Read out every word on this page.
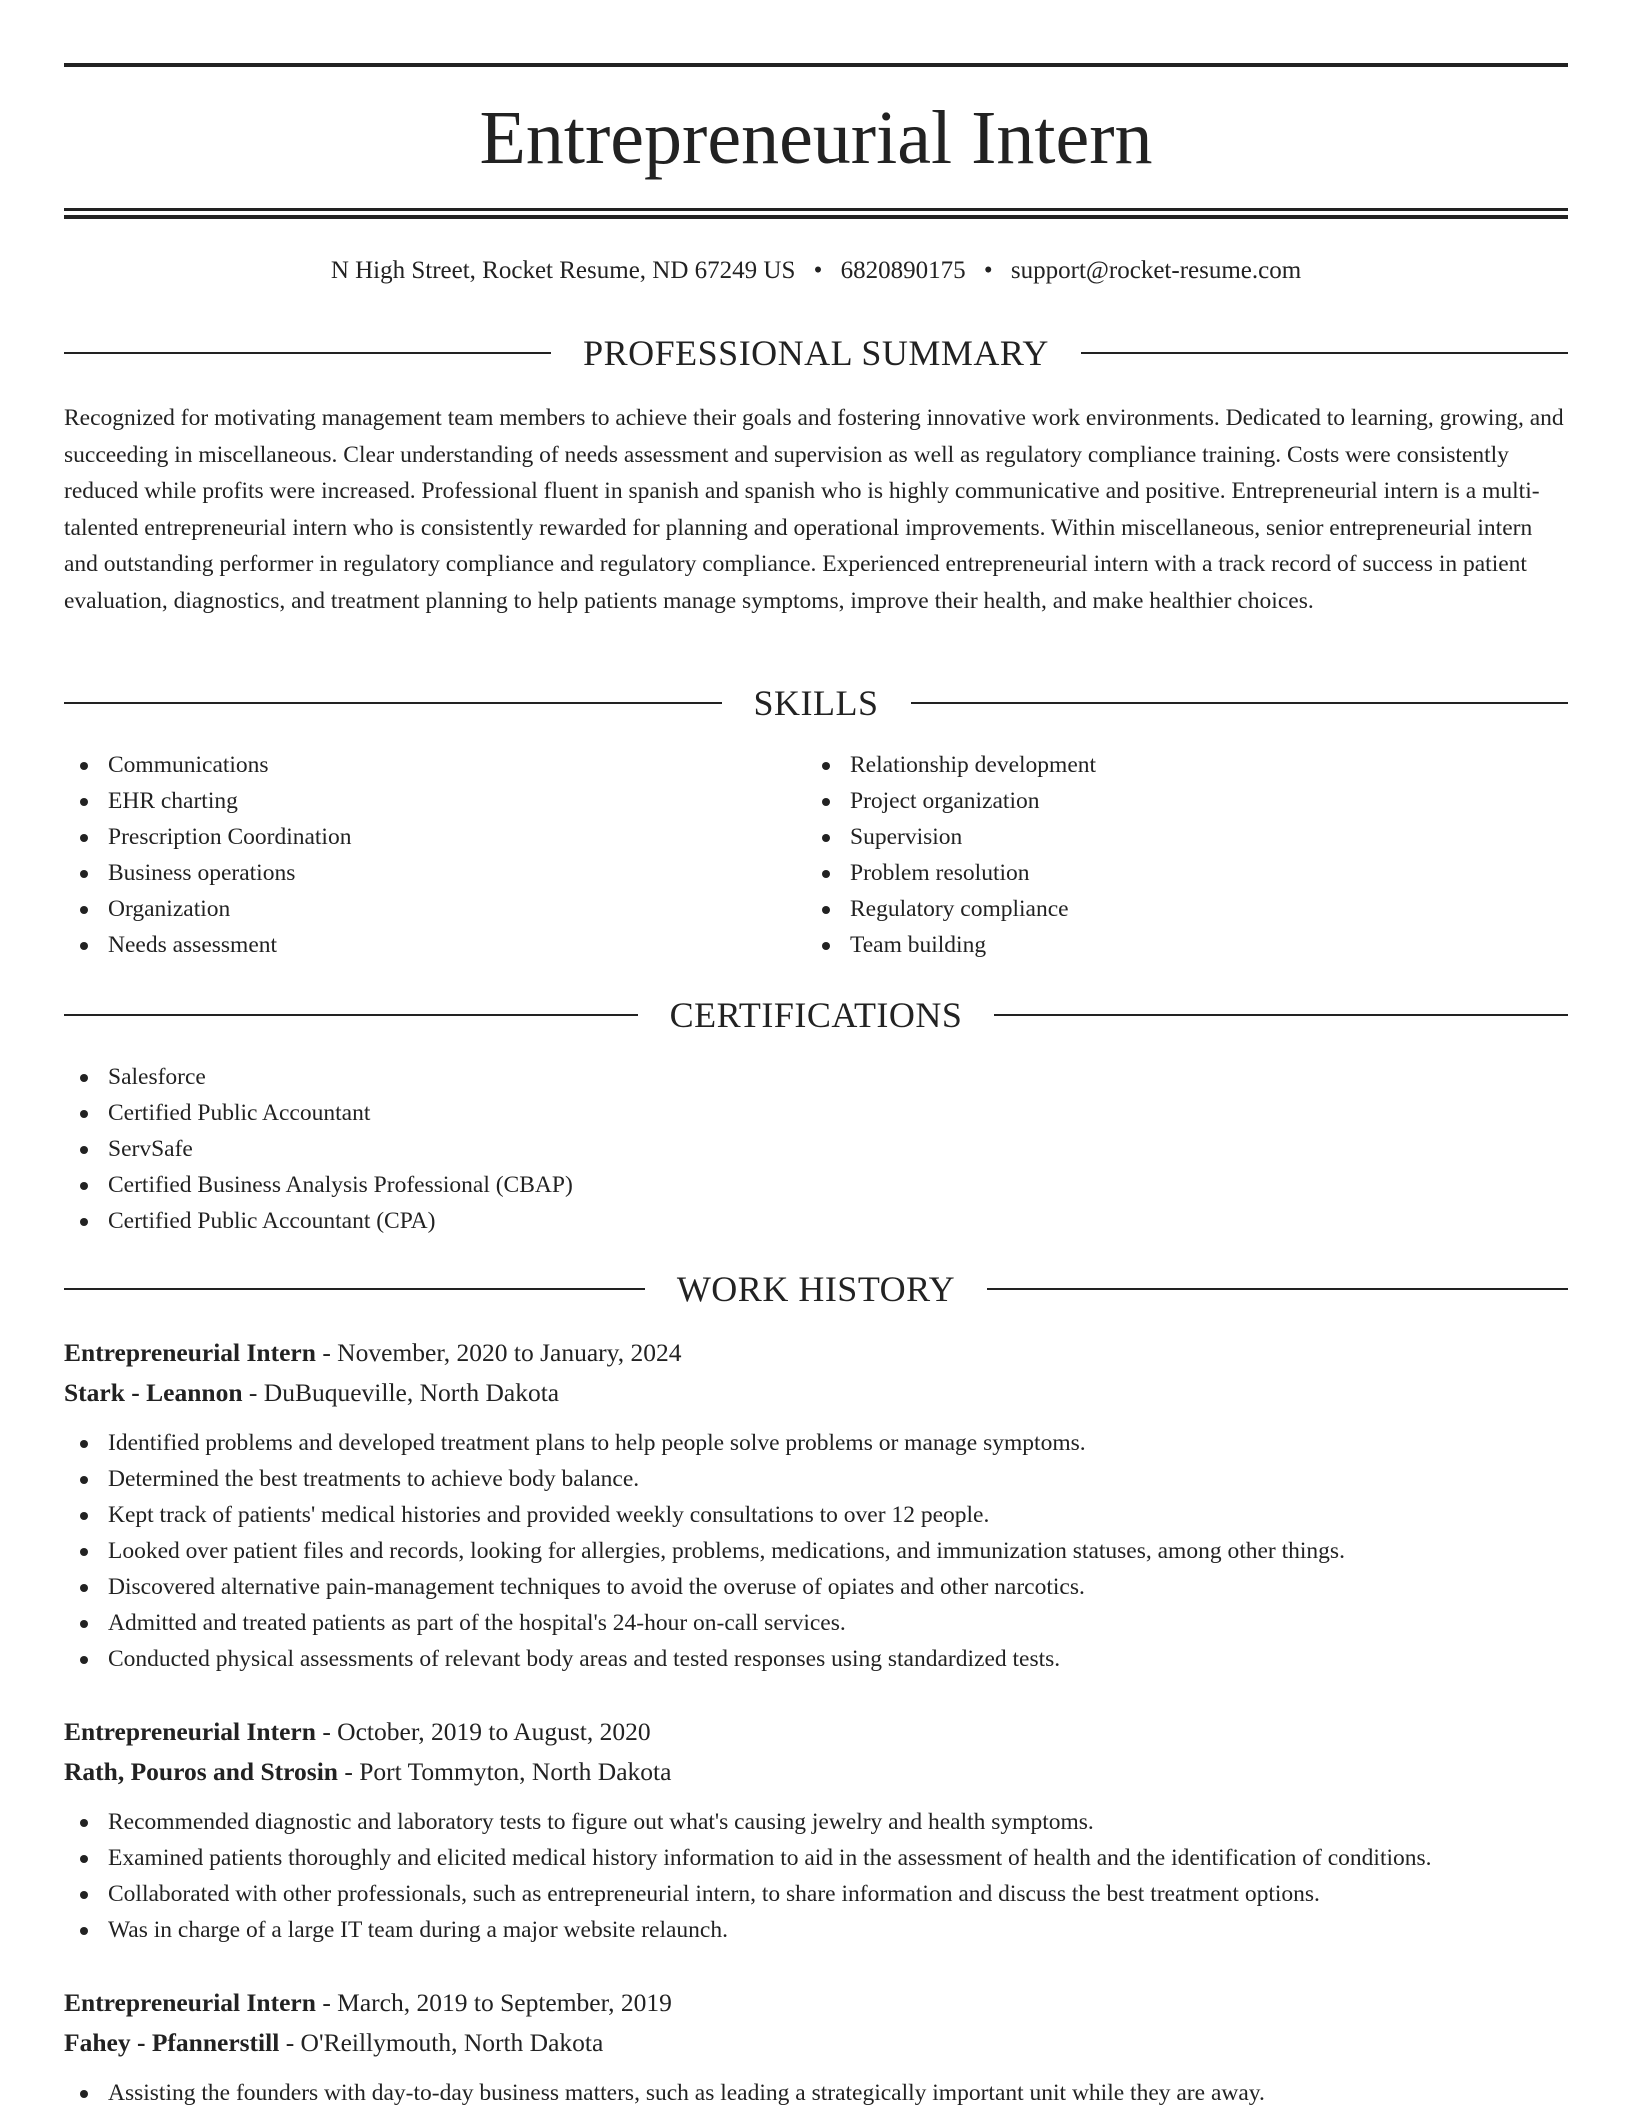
Entrepreneurial Intern
N High Street, Rocket Resume, ND 67249 US • 6820890175 • support@rocket-resume.com
PROFESSIONAL SUMMARY

Recognized for motivating management team members to achieve their goals and fostering innovative work environments. Dedicated to learning, growing, and succeeding in miscellaneous. Clear understanding of needs assessment and supervision as well as regulatory compliance training. Costs were consistently reduced while profits were increased. Professional fluent in spanish and spanish who is highly communicative and positive. Entrepreneurial intern is a multi-talented entrepreneurial intern who is consistently rewarded for planning and operational improvements. Within miscellaneous, senior entrepreneurial intern and outstanding performer in regulatory compliance and regulatory compliance. Experienced entrepreneurial intern with a track record of success in patient evaluation, diagnostics, and treatment planning to help patients manage symptoms, improve their health, and make healthier choices.

SKILLS
Communications
EHR charting
Prescription Coordination
Business operations
Organization
Needs assessment
Relationship development
Project organization
Supervision
Problem resolution
Regulatory compliance
Team building
CERTIFICATIONS
Salesforce
Certified Public Accountant
ServSafe
Certified Business Analysis Professional (CBAP)
Certified Public Accountant (CPA)
WORK HISTORY
Entrepreneurial Intern - November, 2020 to January, 2024
Stark - Leannon - DuBuqueville, North Dakota
Identified problems and developed treatment plans to help people solve problems or manage symptoms.
Determined the best treatments to achieve body balance.
Kept track of patients' medical histories and provided weekly consultations to over 12 people.
Looked over patient files and records, looking for allergies, problems, medications, and immunization statuses, among other things.
Discovered alternative pain-management techniques to avoid the overuse of opiates and other narcotics.
Admitted and treated patients as part of the hospital's 24-hour on-call services.
Conducted physical assessments of relevant body areas and tested responses using standardized tests.
Entrepreneurial Intern - October, 2019 to August, 2020
Rath, Pouros and Strosin - Port Tommyton, North Dakota
Recommended diagnostic and laboratory tests to figure out what's causing jewelry and health symptoms.
Examined patients thoroughly and elicited medical history information to aid in the assessment of health and the identification of conditions.
Collaborated with other professionals, such as entrepreneurial intern, to share information and discuss the best treatment options.
Was in charge of a large IT team during a major website relaunch.
Entrepreneurial Intern - March, 2019 to September, 2019
Fahey - Pfannerstill - O'Reillymouth, North Dakota
Assisting the founders with day-to-day business matters, such as leading a strategically important unit while they are away.
